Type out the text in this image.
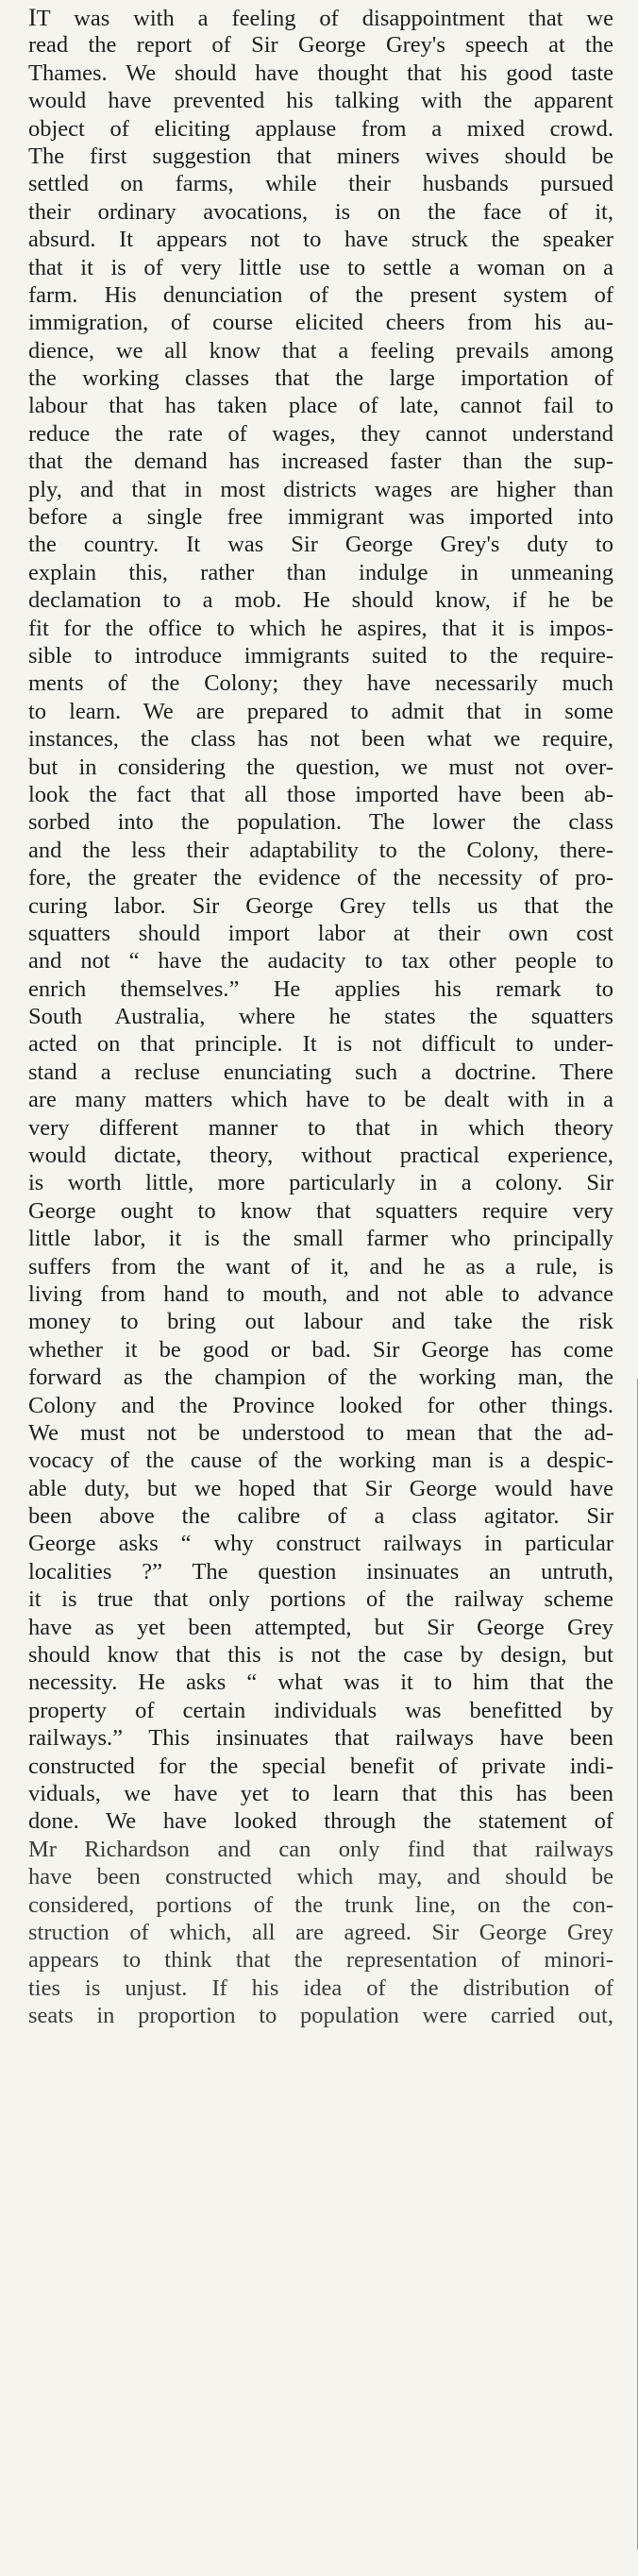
IT was with a feeling of disappointment that we
read the report of Sir George Grey's speech at the
Thames. We should have thought that his good taste
would have prevented his talking with the apparent
object of eliciting applause from a mixed crowd.
The first suggestion that miners wives should be
settled on farms, while their husbands pursued
their ordinary avocations, is on the face of it,
absurd. It appears not to have struck the speaker
that it is of very little use to settle a woman on a
farm. His denunciation of the present system of
immigration, of course elicited cheers from his au-
dience, we all know that a feeling prevails among
the working classes that the large importation of
labour that has taken place of late, cannot fail to
reduce the rate of wages, they cannot understand
that the demand has increased faster than the sup-
ply, and that in most districts wages are higher than
before a single free immigrant was imported into
the country. It was Sir George Grey's duty to
explain this, rather than indulge in unmeaning
declamation to a mob. He should know, if he be
fit for the office to which he aspires, that it is impos-
sible to introduce immigrants suited to the require-
ments of the Colony; they have necessarily much
to learn. We are prepared to admit that in some
instances, the class has not been what we require,
but in considering the question, we must not over-
look the fact that all those imported have been ab-
sorbed into the population. The lower the class
and the less their adaptability to the Colony, there-
fore, the greater the evidence of the necessity of pro-
curing labor. Sir George Grey tells us that the
squatters should import labor at their own cost
and not “ have the audacity to tax other people to
enrich themselves.” He applies his remark to
South Australia, where he states the squatters
acted on that principle. It is not difficult to under-
stand a recluse enunciating such a doctrine. There
are many matters which have to be dealt with in a
very different manner to that in which theory
would dictate, theory, without practical experience,
is worth little, more particularly in a colony. Sir
George ought to know that squatters require very
little labor, it is the small farmer who principally
suffers from the want of it, and he as a rule, is
living from hand to mouth, and not able to advance
money to bring out labour and take the risk
whether it be good or bad. Sir George has come
forward as the champion of the working man, the
Colony and the Province looked for other things.
We must not be understood to mean that the ad-
vocacy of the cause of the working man is a despic-
able duty, but we hoped that Sir George would have
been above the calibre of a class agitator. Sir
George asks “ why construct railways in particular
localities ?” The question insinuates an untruth,
it is true that only portions of the railway scheme
have as yet been attempted, but Sir George Grey
should know that this is not the case by design, but
necessity. He asks “ what was it to him that the
property of certain individuals was benefitted by
railways.” This insinuates that railways have been
constructed for the special benefit of private indi-
viduals, we have yet to learn that this has been
done. We have looked through the statement of
Mr Richardson and can only find that railways
have been constructed which may, and should be
considered, portions of the trunk line, on the con-
struction of which, all are agreed. Sir George Grey
appears to think that the representation of minori-
ties is unjust. If his idea of the distribution of
seats in proportion to population were carried out,
